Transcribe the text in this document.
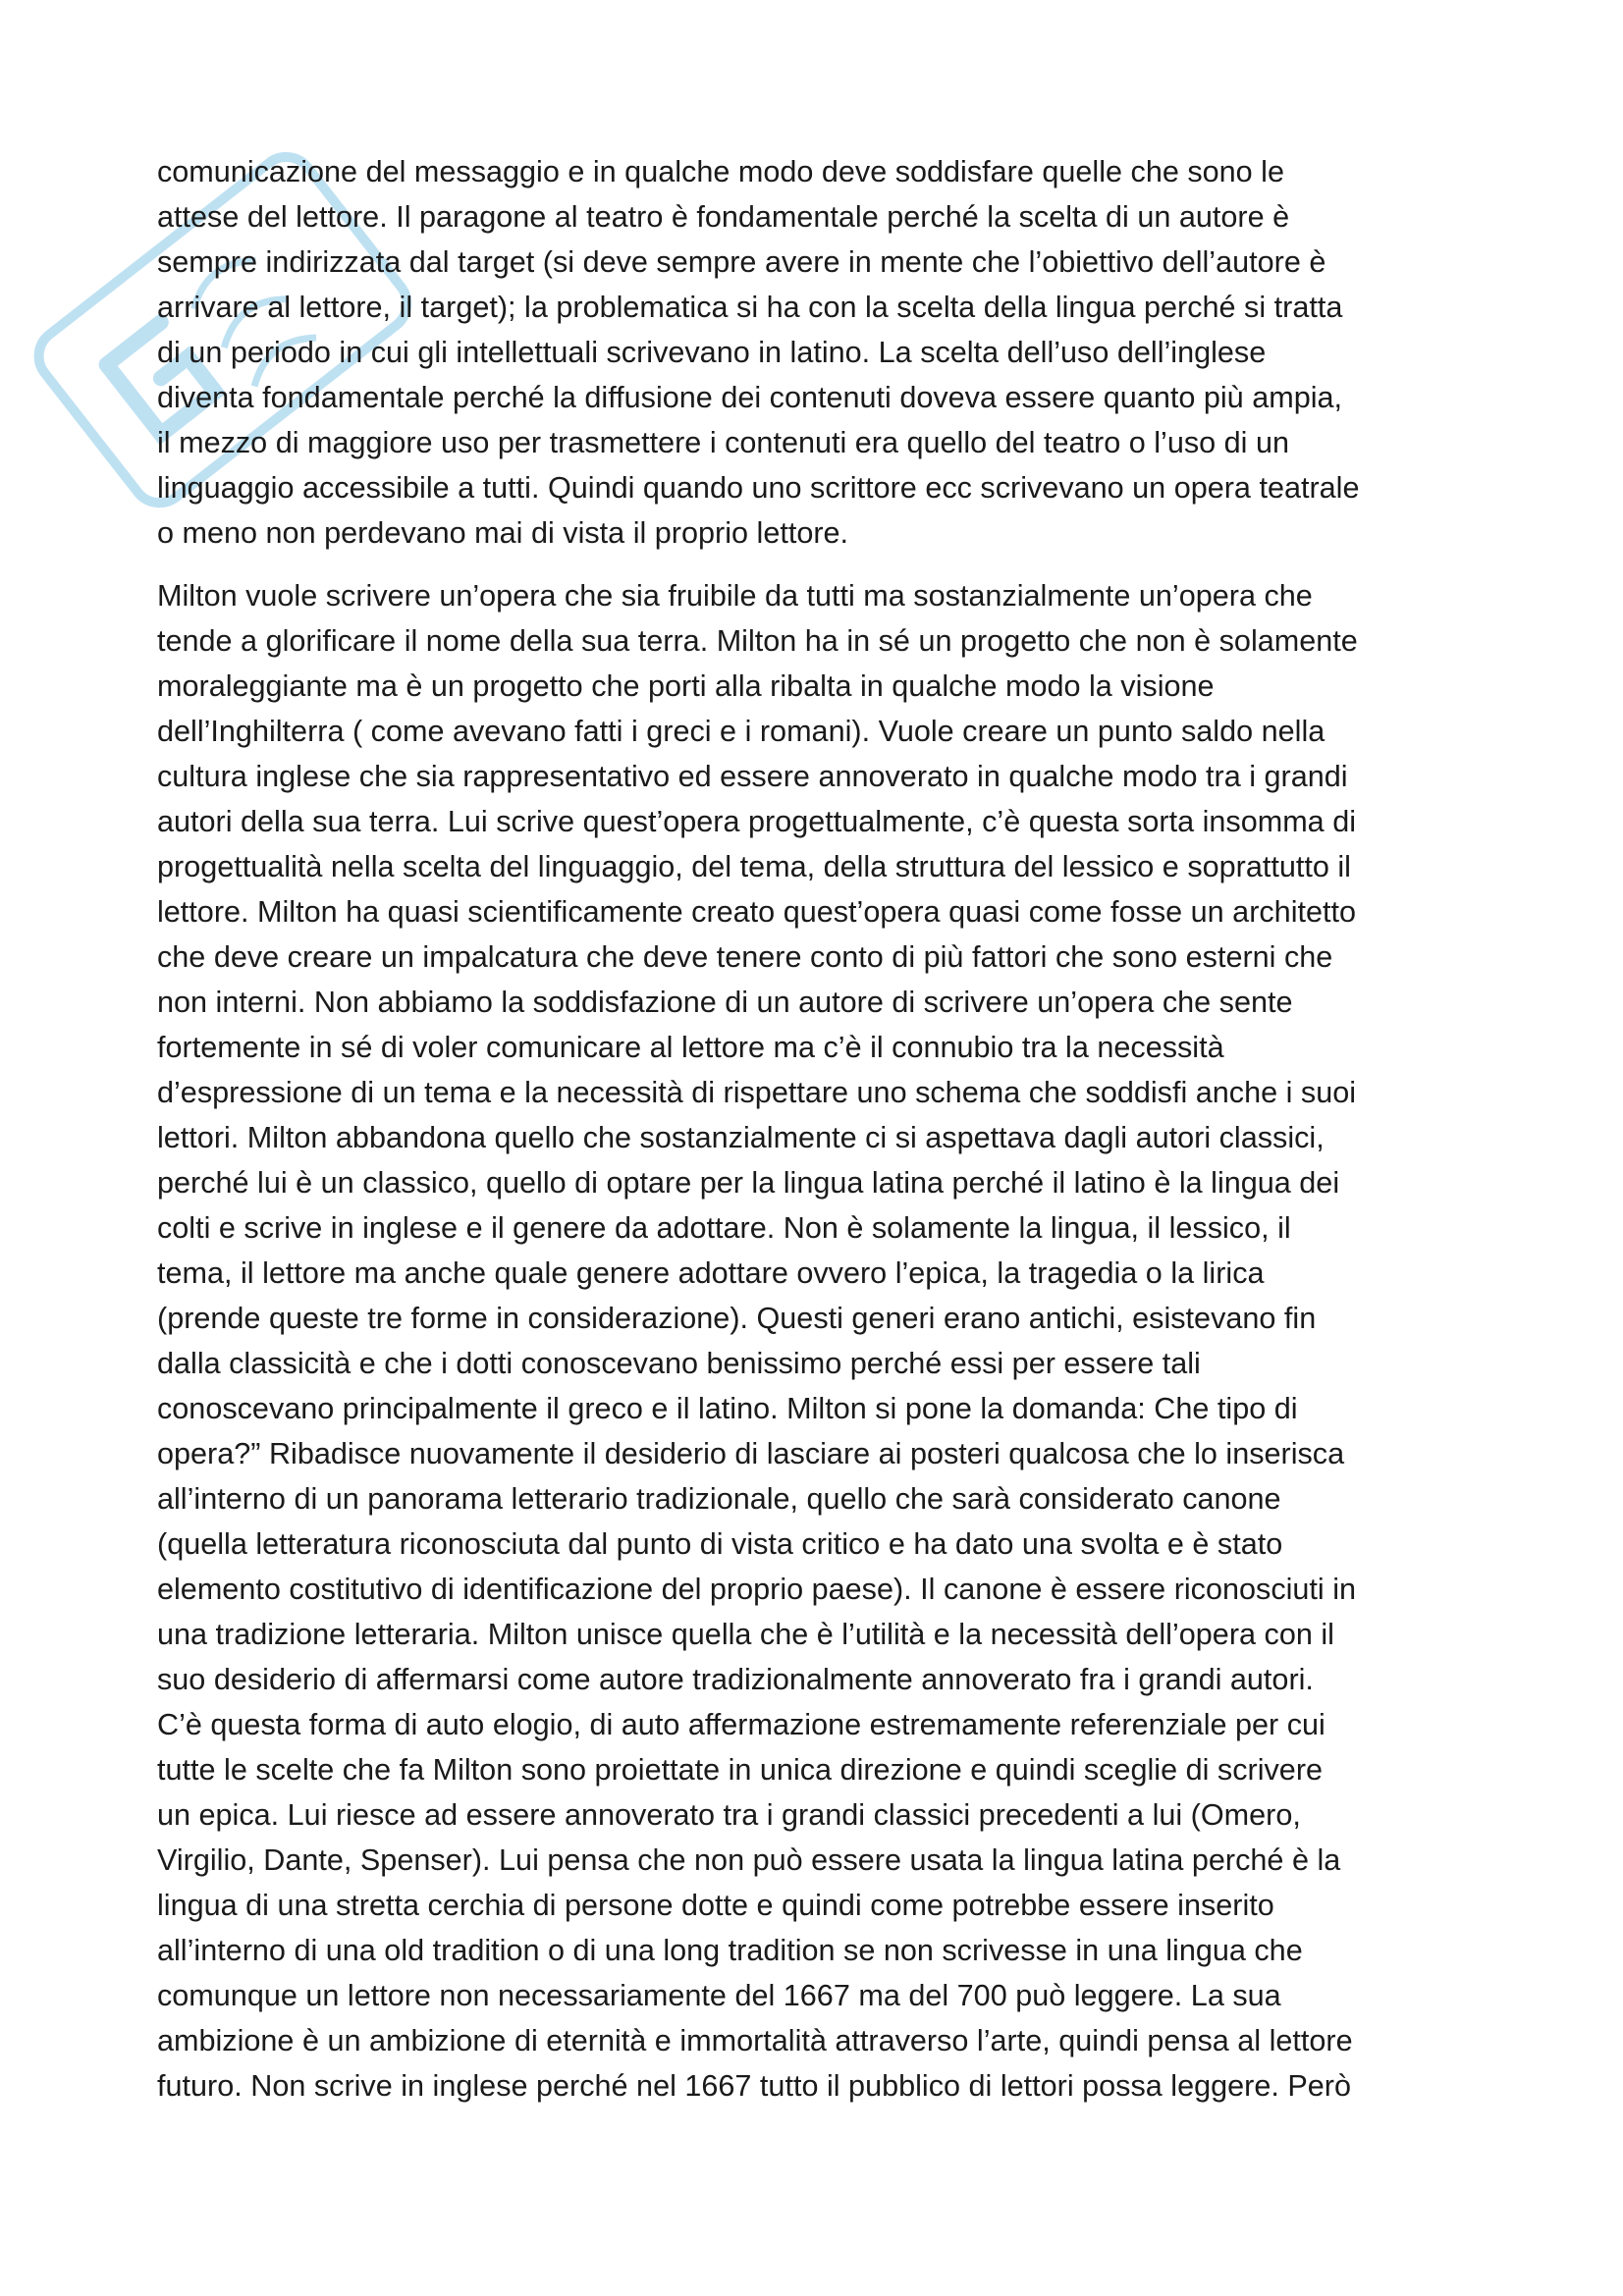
comunicazione del messaggio e in qualche modo deve soddisfare quelle che sono le
attese del lettore. Il paragone al teatro è fondamentale perché la scelta di un autore è
sempre indirizzata dal target (si deve sempre avere in mente che l’obiettivo dell’autore è
arrivare al lettore, il target); la problematica si ha con la scelta della lingua perché si tratta
di un periodo in cui gli intellettuali scrivevano in latino. La scelta dell’uso dell’inglese
diventa fondamentale perché la diffusione dei contenuti doveva essere quanto più ampia,
il mezzo di maggiore uso per trasmettere i contenuti era quello del teatro o l’uso di un
linguaggio accessibile a tutti. Quindi quando uno scrittore ecc scrivevano un opera teatrale
o meno non perdevano mai di vista il proprio lettore.

Milton vuole scrivere un’opera che sia fruibile da tutti ma sostanzialmente un’opera che
tende a glorificare il nome della sua terra. Milton ha in sé un progetto che non è solamente
moraleggiante ma è un progetto che porti alla ribalta in qualche modo la visione
dell’Inghilterra ( come avevano fatti i greci e i romani). Vuole creare un punto saldo nella
cultura inglese che sia rappresentativo ed essere annoverato in qualche modo tra i grandi
autori della sua terra. Lui scrive quest’opera progettualmente, c’è questa sorta insomma di
progettualità nella scelta del linguaggio, del tema, della struttura del lessico e soprattutto il
lettore. Milton ha quasi scientificamente creato quest’opera quasi come fosse un architetto
che deve creare un impalcatura che deve tenere conto di più fattori che sono esterni che
non interni. Non abbiamo la soddisfazione di un autore di scrivere un’opera che sente
fortemente in sé di voler comunicare al lettore ma c’è il connubio tra la necessità
d’espressione di un tema e la necessità di rispettare uno schema che soddisfi anche i suoi
lettori. Milton abbandona quello che sostanzialmente ci si aspettava dagli autori classici,
perché lui è un classico, quello di optare per la lingua latina perché il latino è la lingua dei
colti e scrive in inglese e il genere da adottare. Non è solamente la lingua, il lessico, il
tema, il lettore ma anche quale genere adottare ovvero l’epica, la tragedia o la lirica
(prende queste tre forme in considerazione). Questi generi erano antichi, esistevano fin
dalla classicità e che i dotti conoscevano benissimo perché essi per essere tali
conoscevano principalmente il greco e il latino. Milton si pone la domanda: Che tipo di
opera?” Ribadisce nuovamente il desiderio di lasciare ai posteri qualcosa che lo inserisca
all’interno di un panorama letterario tradizionale, quello che sarà considerato canone
(quella letteratura riconosciuta dal punto di vista critico e ha dato una svolta e è stato
elemento costitutivo di identificazione del proprio paese). Il canone è essere riconosciuti in
una tradizione letteraria. Milton unisce quella che è l’utilità e la necessità dell’opera con il
suo desiderio di affermarsi come autore tradizionalmente annoverato fra i grandi autori.
C’è questa forma di auto elogio, di auto affermazione estremamente referenziale per cui
tutte le scelte che fa Milton sono proiettate in unica direzione e quindi sceglie di scrivere
un epica. Lui riesce ad essere annoverato tra i grandi classici precedenti a lui (Omero,
Virgilio, Dante, Spenser). Lui pensa che non può essere usata la lingua latina perché è la
lingua di una stretta cerchia di persone dotte e quindi come potrebbe essere inserito
all’interno di una old tradition o di una long tradition se non scrivesse in una lingua che
comunque un lettore non necessariamente del 1667 ma del 700 può leggere. La sua
ambizione è un ambizione di eternità e immortalità attraverso l’arte, quindi pensa al lettore
futuro. Non scrive in inglese perché nel 1667 tutto il pubblico di lettori possa leggere. Però
